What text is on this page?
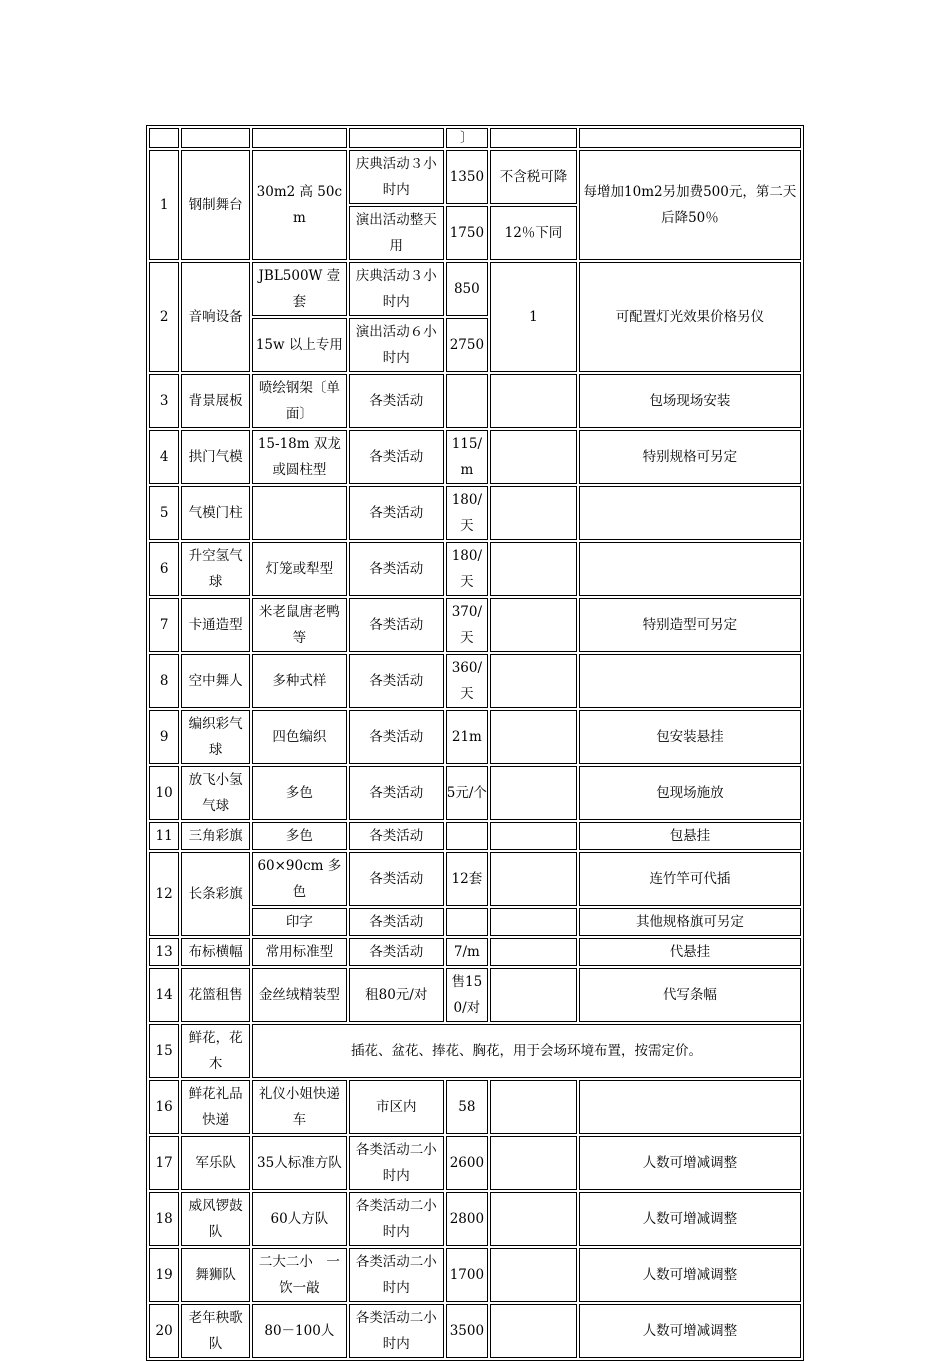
				〕		
1	钢制舞台	30m2 高 50cm	庆典活动３小时内	1350	不含税可降	每增加10m2另加费500元，第二天后降50％
			演出活动整天用	1750	12％下同	
2	音响设备	JBL500W 壹套	庆典活动３小时内	850	1	可配置灯光效果价格另仪
		15w 以上专用	演出活动６小时内	2750		
3	背景展板	喷绘钢架〔单面〕	各类活动			包场现场安装
4	拱门气模	15-18m 双龙或圆柱型	各类活动	115/m		特别规格可另定
5	气模门柱		各类活动	180/天		
6	升空氢气球	灯笼或犁型	各类活动	180/天		
7	卡通造型	米老鼠唐老鸭等	各类活动	370/天		特别造型可另定
8	空中舞人	多种式样	各类活动	360/天		
9	编织彩气球	四色编织	各类活动	21m		包安装悬挂
10	放飞小氢气球	多色	各类活动	5元/个		包现场施放
11	三角彩旗	多色	各类活动			包悬挂
12	长条彩旗	60×90cm 多色	各类活动	12套		连竹竿可代插
		印字	各类活动			其他规格旗可另定
13	布标横幅	常用标准型	各类活动	7/m		代悬挂
14	花篮租售	金丝绒精装型	租80元/对	售150/对		代写条幅
15	鲜花，花木	插花、盆花、捧花、胸花，用于会场环境布置，按需定价。				
16	鲜花礼品快递	礼仪小姐快递车	市区内	58		
17	军乐队	35人标准方队	各类活动二小时内	2600		人数可增减调整
18	威风锣鼓队	60人方队	各类活动二小时内	2800		人数可增减调整
19	舞狮队	二大二小　一饮一敲	各类活动二小时内	1700		人数可增减调整
20	老年秧歌队	80－100人	各类活动二小时内	3500		人数可增减调整
